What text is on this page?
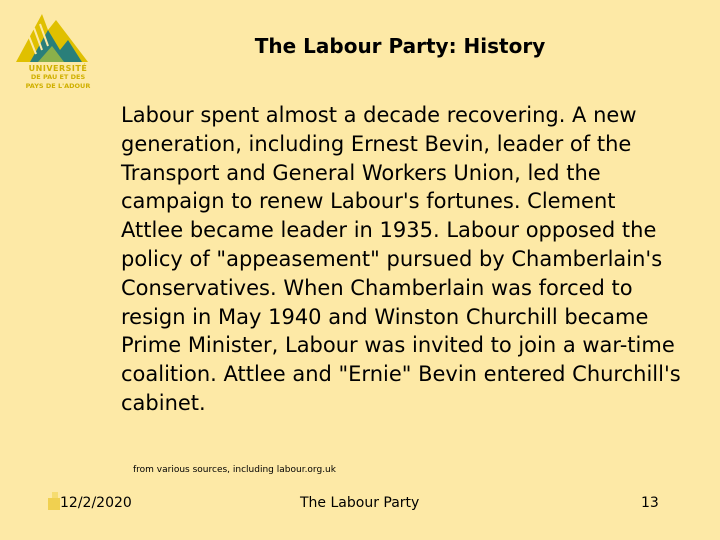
UNIVERSITÉ
DE PAU ET DES
PAYS DE L'ADOUR
The Labour Party: History

Labour spent almost a decade recovering. A new generation, including Ernest Bevin, leader of the Transport and General Workers Union, led the campaign to renew Labour's fortunes. Clement Attlee became leader in 1935. Labour opposed the policy of "appeasement" pursued by Chamberlain's Conservatives. When Chamberlain was forced to resign in May 1940 and Winston Churchill became Prime Minister, Labour was invited to join a war-time coalition. Attlee and "Ernie" Bevin entered Churchill's cabinet.

from various sources, including labour.org.uk
12/2/2020	The Labour Party	13
